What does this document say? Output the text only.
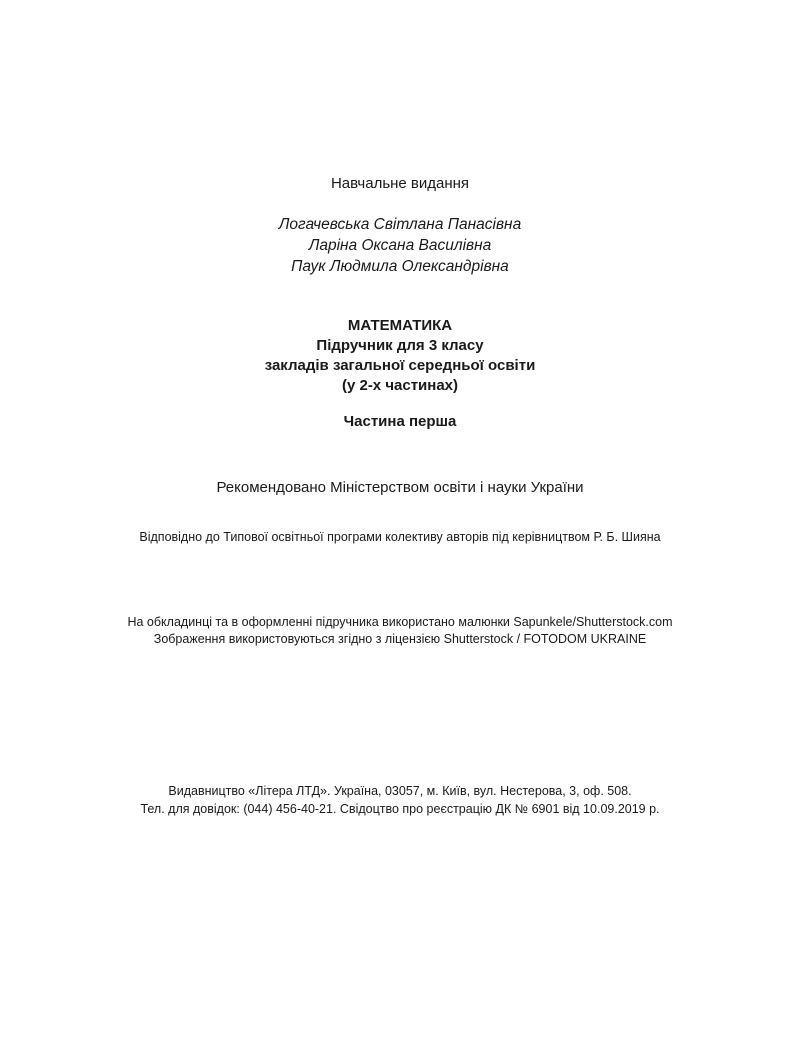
Навчальне видання
Логачевська Світлана Панасівна
Ларіна Оксана Василівна
Паук Людмила Олександрівна
МАТЕМАТИКА
Підручник для 3 класу
закладів загальної середньої освіти
(у 2-х частинах)
Частина перша
Рекомендовано Міністерством освіти і науки України
Відповідно до Типової освітньої програми колективу авторів під керівництвом Р. Б. Шияна
На обкладинці та в оформленні підручника використано малюнки Sapunkele/Shutterstock.com
Зображення використовуються згідно з ліцензією Shutterstock / FOTODOM UKRAINE
Видавництво «Літера ЛТД». Україна, 03057, м. Київ, вул. Нестерова, 3, оф. 508.
Тел. для довідок: (044) 456-40-21. Свідоцтво про реєстрацію ДК № 6901 від 10.09.2019 р.
